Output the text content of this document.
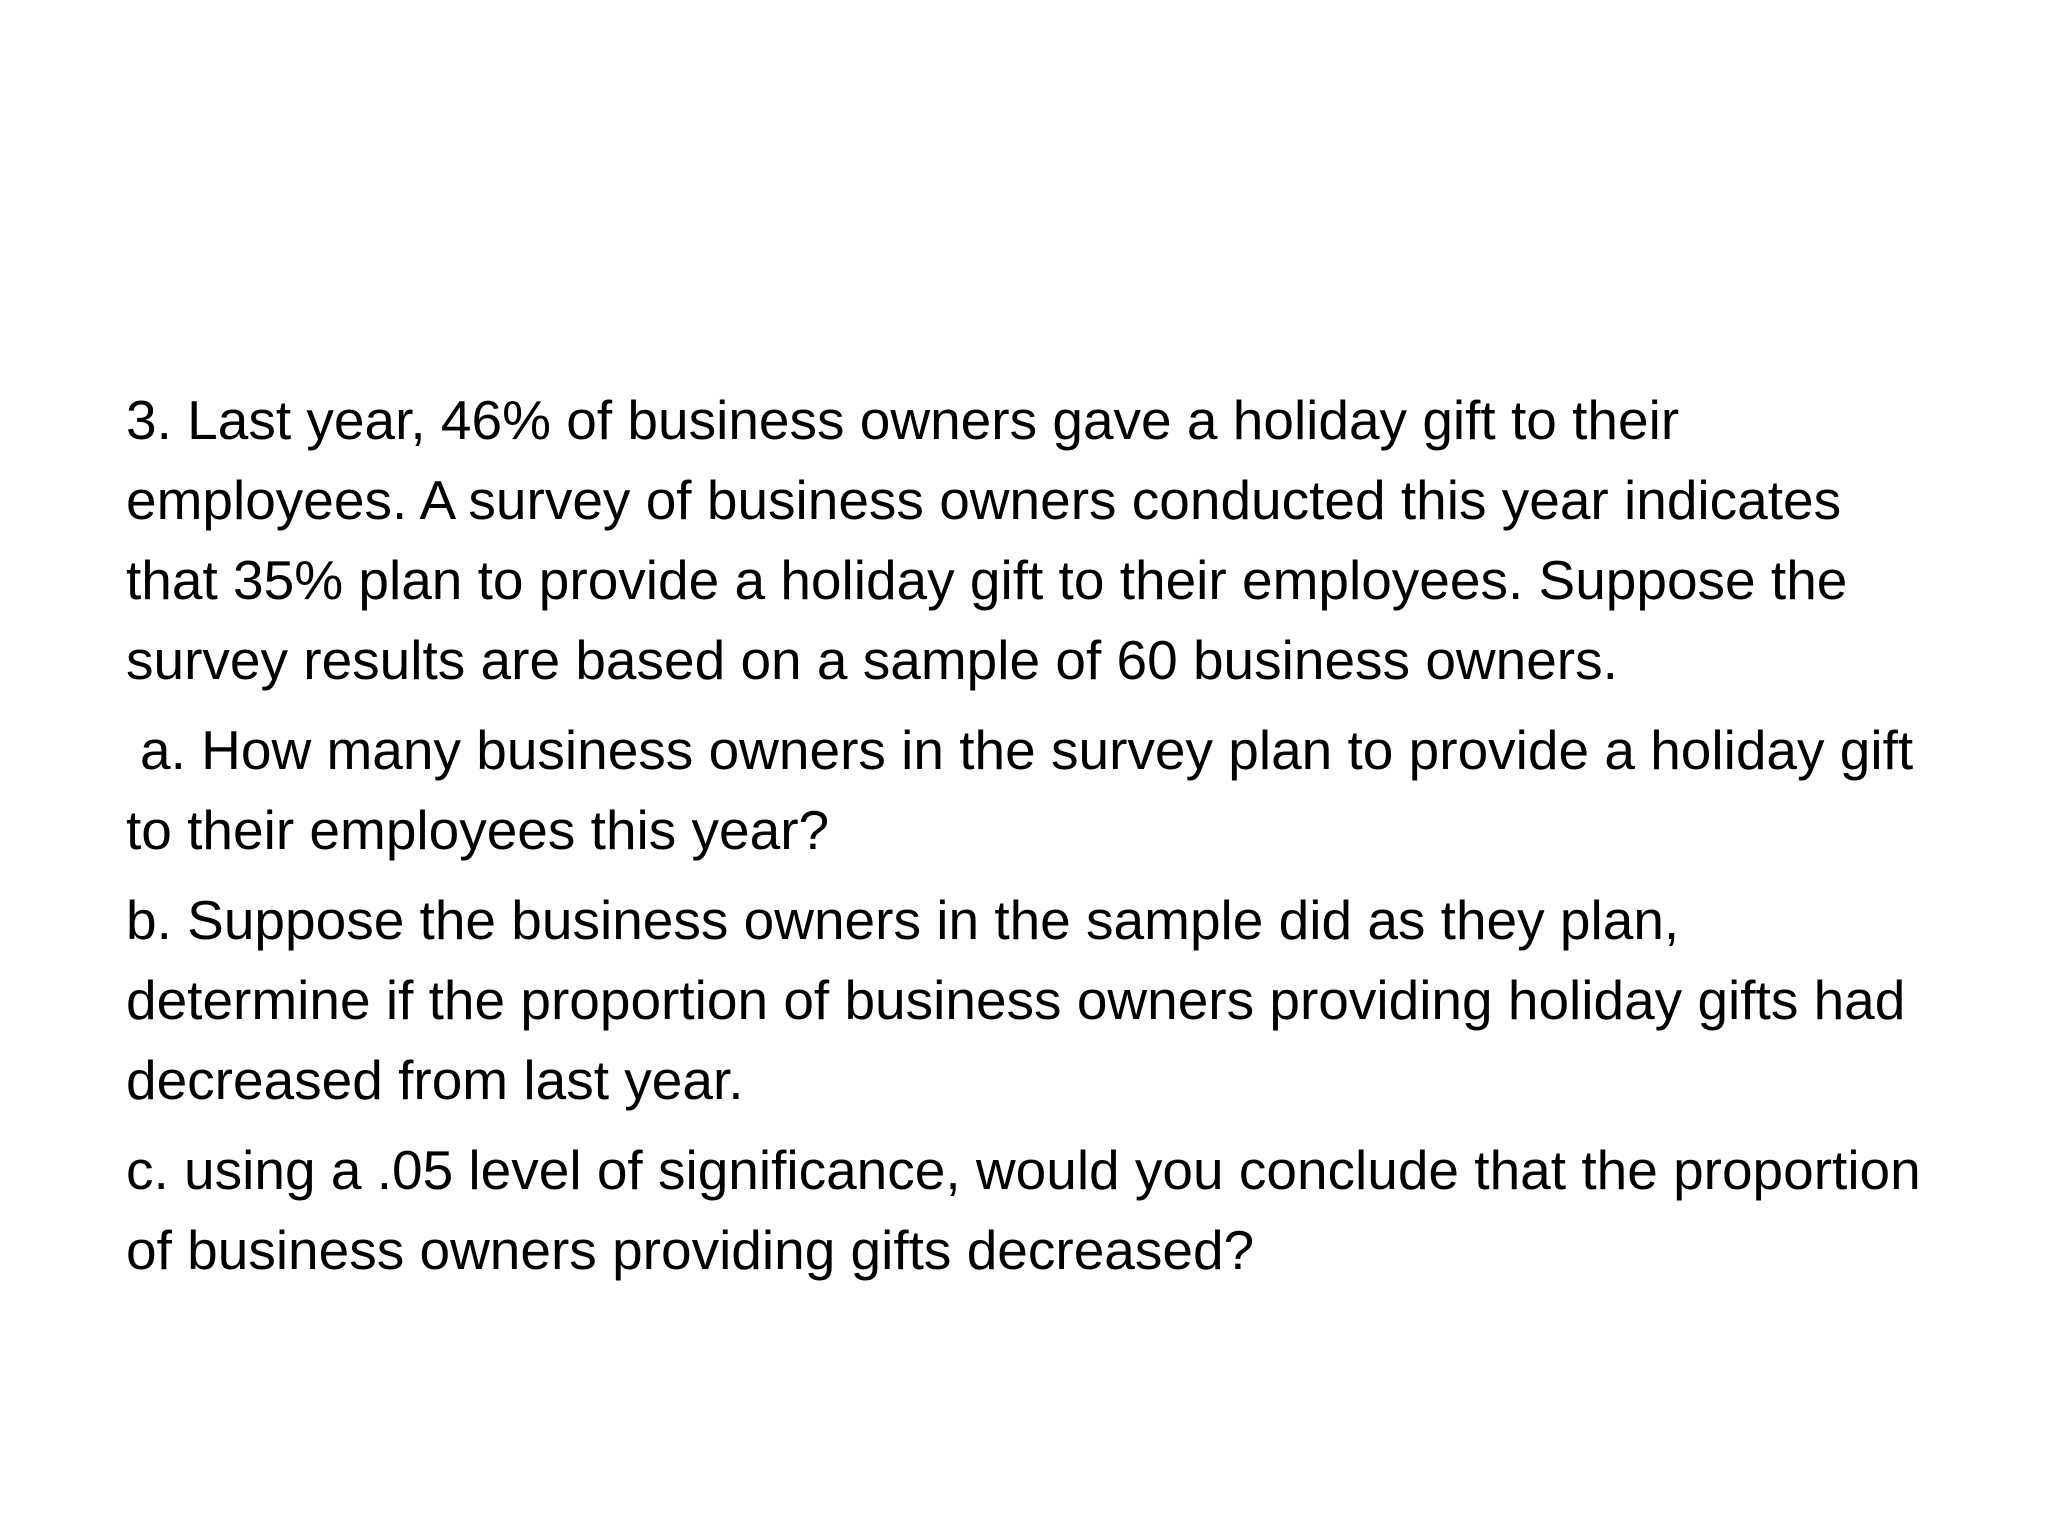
3. Last year, 46% of business owners gave a holiday gift to their employees. A survey of business owners conducted this year indicates that 35% plan to provide a holiday gift to their employees. Suppose the survey results are based on a sample of 60 business owners.

a. How many business owners in the survey plan to provide a holiday gift to their employees this year?

b. Suppose the business owners in the sample did as they plan, determine if the proportion of business owners providing holiday gifts had decreased from last year.

c. using a .05 level of significance, would you conclude that the proportion of business owners providing gifts decreased?
